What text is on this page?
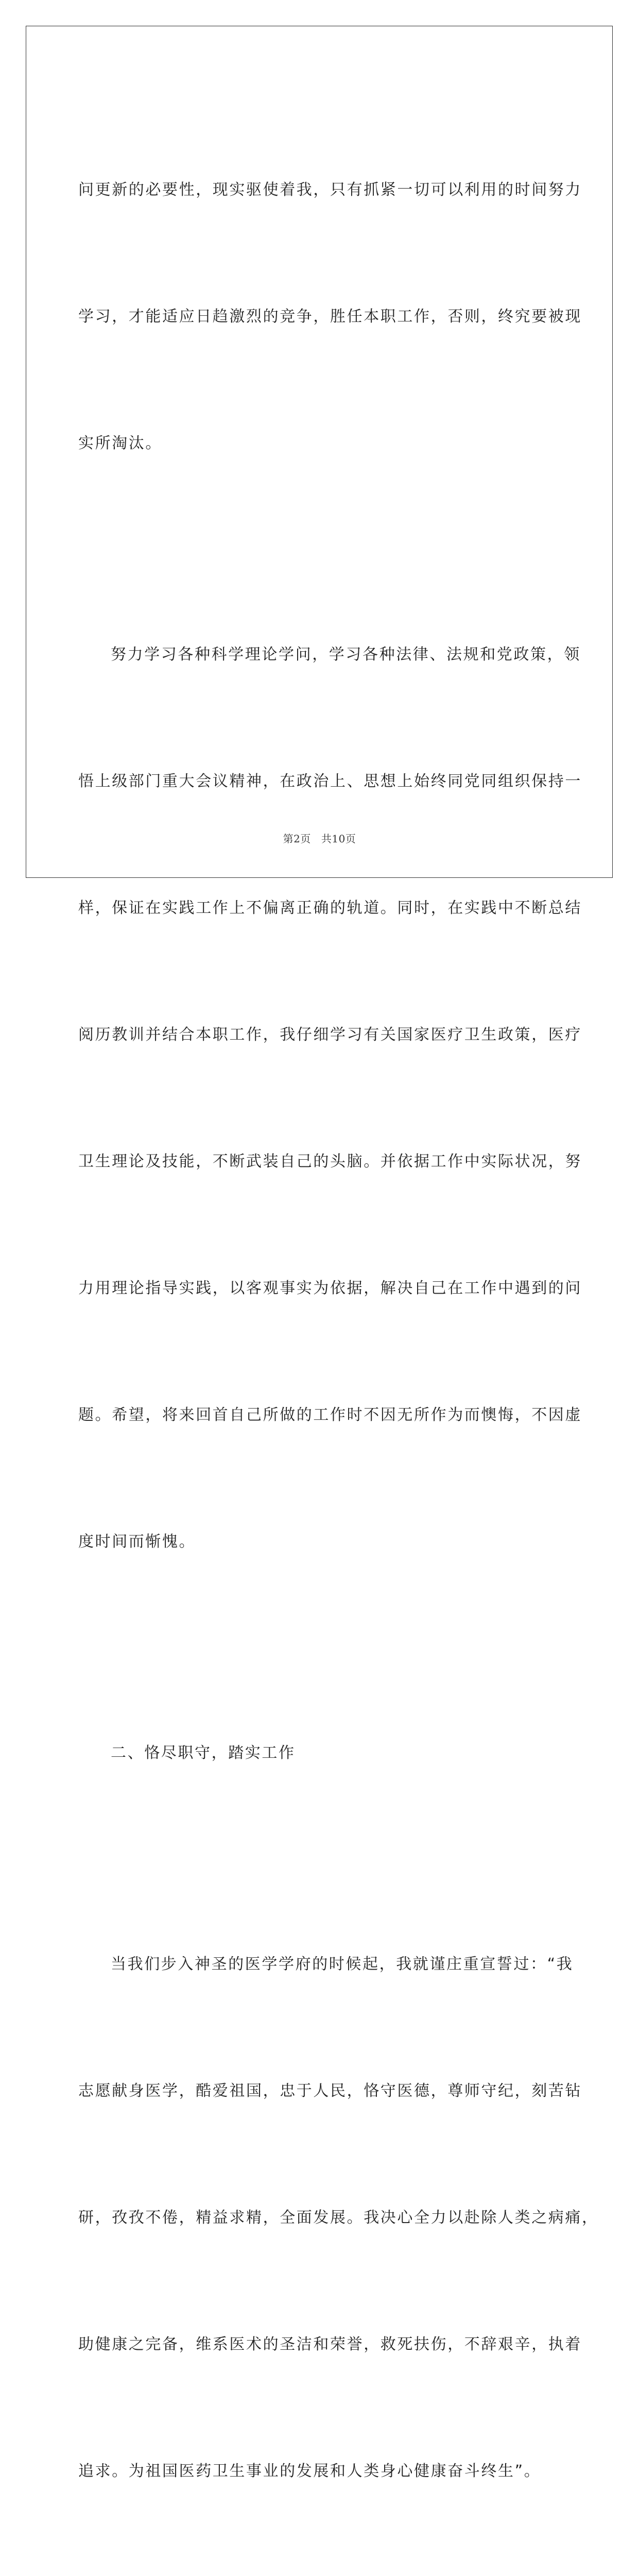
问更新的必要性，现实驱使着我，只有抓紧一切可以利用的时间努力

学习，才能适应日趋激烈的竞争，胜任本职工作，否则，终究要被现

实所淘汰。

努力学习各种科学理论学问，学习各种法律、法规和党政策，领

悟上级部门重大会议精神，在政治上、思想上始终同党同组织保持一

样，保证在实践工作上不偏离正确的轨道。同时，在实践中不断总结

阅历教训并结合本职工作，我仔细学习有关国家医疗卫生政策，医疗

卫生理论及技能，不断武装自己的头脑。并依据工作中实际状况，努

力用理论指导实践，以客观事实为依据，解决自己在工作中遇到的问

题。希望，将来回首自己所做的工作时不因无所作为而懊悔，不因虚

度时间而惭愧。

二、恪尽职守，踏实工作

当我们步入神圣的医学学府的时候起，我就谨庄重宣誓过：“我

志愿献身医学，酷爱祖国，忠于人民，恪守医德，尊师守纪，刻苦钻

研，孜孜不倦，精益求精，全面发展。我决心全力以赴除人类之病痛，

助健康之完备，维系医术的圣洁和荣誉，救死扶伤，不辞艰辛，执着

追求。为祖国医药卫生事业的发展和人类身心健康奋斗终生”。

第2页 共10页
